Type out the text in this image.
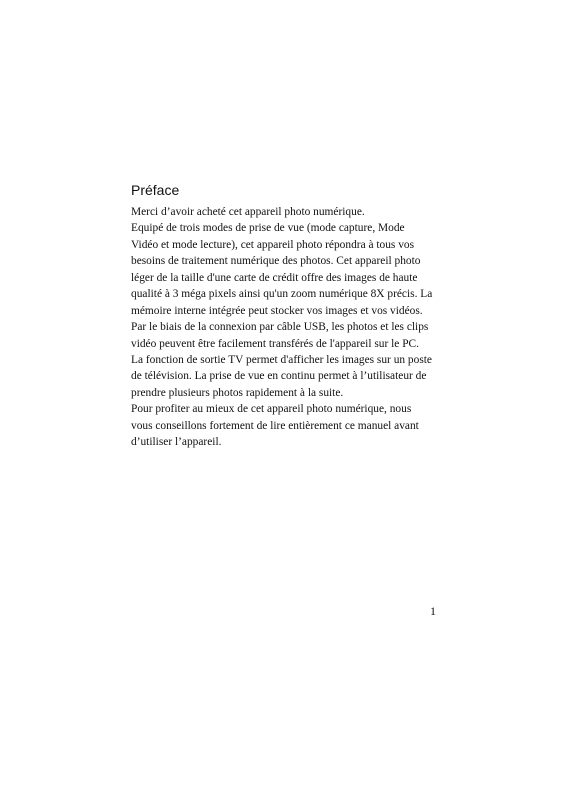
Préface
Merci d’avoir acheté cet appareil photo numérique.
Equipé de trois modes de prise de vue (mode capture, Mode
Vidéo et mode lecture), cet appareil photo répondra à tous vos
besoins de traitement numérique des photos. Cet appareil photo
léger de la taille d'une carte de crédit offre des images de haute
qualité à 3 méga pixels ainsi qu'un zoom numérique 8X précis. La
mémoire interne intégrée peut stocker vos images et vos vidéos.
Par le biais de la connexion par câble USB, les photos et les clips
vidéo peuvent être facilement transférés de l'appareil sur le PC.
La fonction de sortie TV permet d'afficher les images sur un poste
de télévision. La prise de vue en continu permet à l’utilisateur de
prendre plusieurs photos rapidement à la suite.
Pour profiter au mieux de cet appareil photo numérique, nous
vous conseillons fortement de lire entièrement ce manuel avant
d’utiliser l’appareil.
1
